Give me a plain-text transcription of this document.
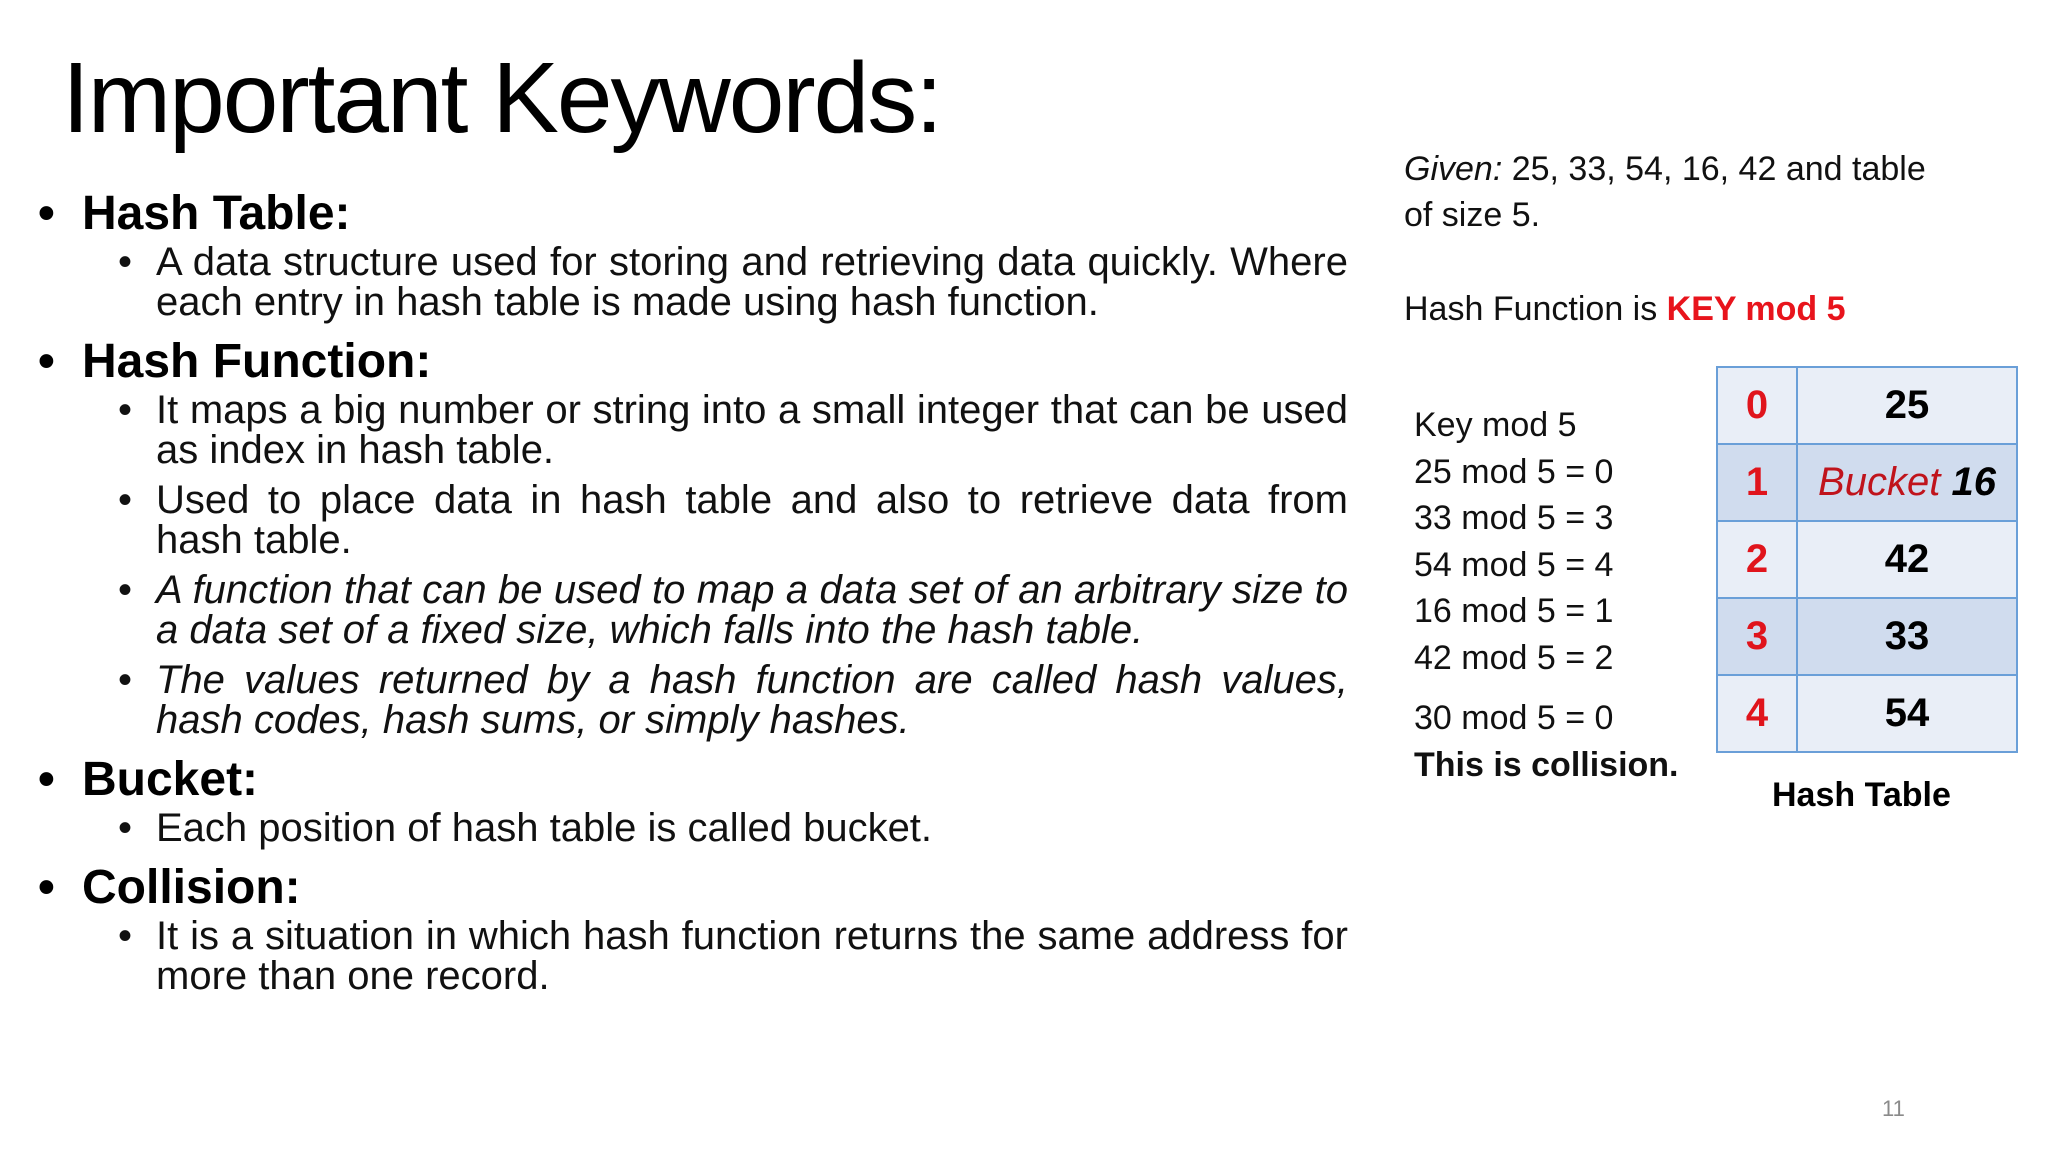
Important Keywords:
• Hash Table:
• A data structure used for storing and retrieving data quickly. Where each entry in hash table is made using hash function.
• Hash Function:
• It maps a big number or string into a small integer that can be used as index in hash table.
• Used to place data in hash table and also to retrieve data from hash table.
• A function that can be used to map a data set of an arbitrary size to a data set of a fixed size, which falls into the hash table.
• The values returned by a hash function are called hash values, hash codes, hash sums, or simply hashes.
• Bucket:
• Each position of hash table is called bucket.
• Collision:
• It is a situation in which hash function returns the same address for more than one record.
Given: 25, 33, 54, 16, 42 and table
of size 5.
Hash Function is KEY mod 5
Key mod 5
25 mod 5 = 0
33 mod 5 = 3
54 mod 5 = 4
16 mod 5 = 1
42 mod 5 = 2
30 mod 5 = 0
This is collision.
0	25
1	Bucket 16
2	42
3	33
4	54
Hash Table
11
